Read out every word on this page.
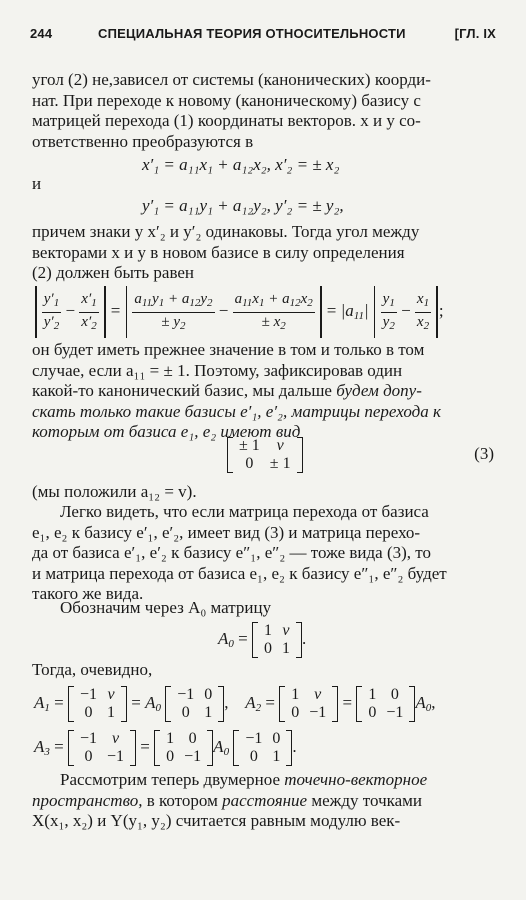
244	СПЕЦИАЛЬНАЯ ТЕОРИЯ ОТНОСИТЕЛЬНОСТИ	[ГЛ. IX
угол (2) не,зависел от системы (канонических) коорди-
нат. При переходе к новому (каноническому) базису с
матрицей перехода (1) координаты векторов. x и y со-
ответственно преобразуются в
x′₁ = a₁₁x₁ + a₁₂x₂, x′₂ = ± x₂
и
y′₁ = a₁₁y₁ + a₁₂y₂, y′₂ = ± y₂,
причем знаки у x′₂ и y′₂ одинаковы. Тогда угол между
векторами x и y в новом базисе в силу определения
(2) должен быть равен

$\frac{y'_1}{y'_2} - \frac{x'_1}{x'_2} = \frac{a_{11}y_1 + a_{12}y_2}{\pm y_2} - \frac{a_{11}x_1 + a_{12}x_2}{\pm x_2} = |a_{11}| \frac{y_1}{y_2} - \frac{x_1}{x_2}$ ;
он будет иметь прежнее значение в том и только в том
случае, если a₁₁ = ± 1. Поэтому, зафиксировав один
какой-то канонический базис, мы дальше будем допу-
скать только такие базисы e′₁, e′₂, матрицы перехода к
которым от базиса e₁, e₂ имеют вид
± 1	v
0	± 1
(3)
(мы положили a₁₂ = v).
Легко видеть, что если матрица перехода от базиса
e₁, e₂ к базису e′₁, e′₂, имеет вид (3) и матрица перехо-
да от базиса e′₁, e′₂ к базису e″₁, e″₂ — тоже вида (3), то
и матрица перехода от базиса e₁, e₂ к базису e″₁, e″₂ будет
такого же вида.
Обозначим через A₀ матрицу
$A_0 = 1$	v
0	1
.
Тогда, очевидно,
$A_1 = -1$	v
0	1
= $A_0$
−1	0
0	1
,    $A_2 = 1$	v
0	−1
= 1	0
0	−1
$A_0$,
$A_3 = -1$	v
0	−1
= 1	0
0	−1
$A_0$
−1	0
0	1
.
Рассмотрим теперь двумерное точечно-векторное
пространство, в котором расстояние между точками
X(x₁, x₂) и Y(y₁, y₂) считается равным модулю век-
